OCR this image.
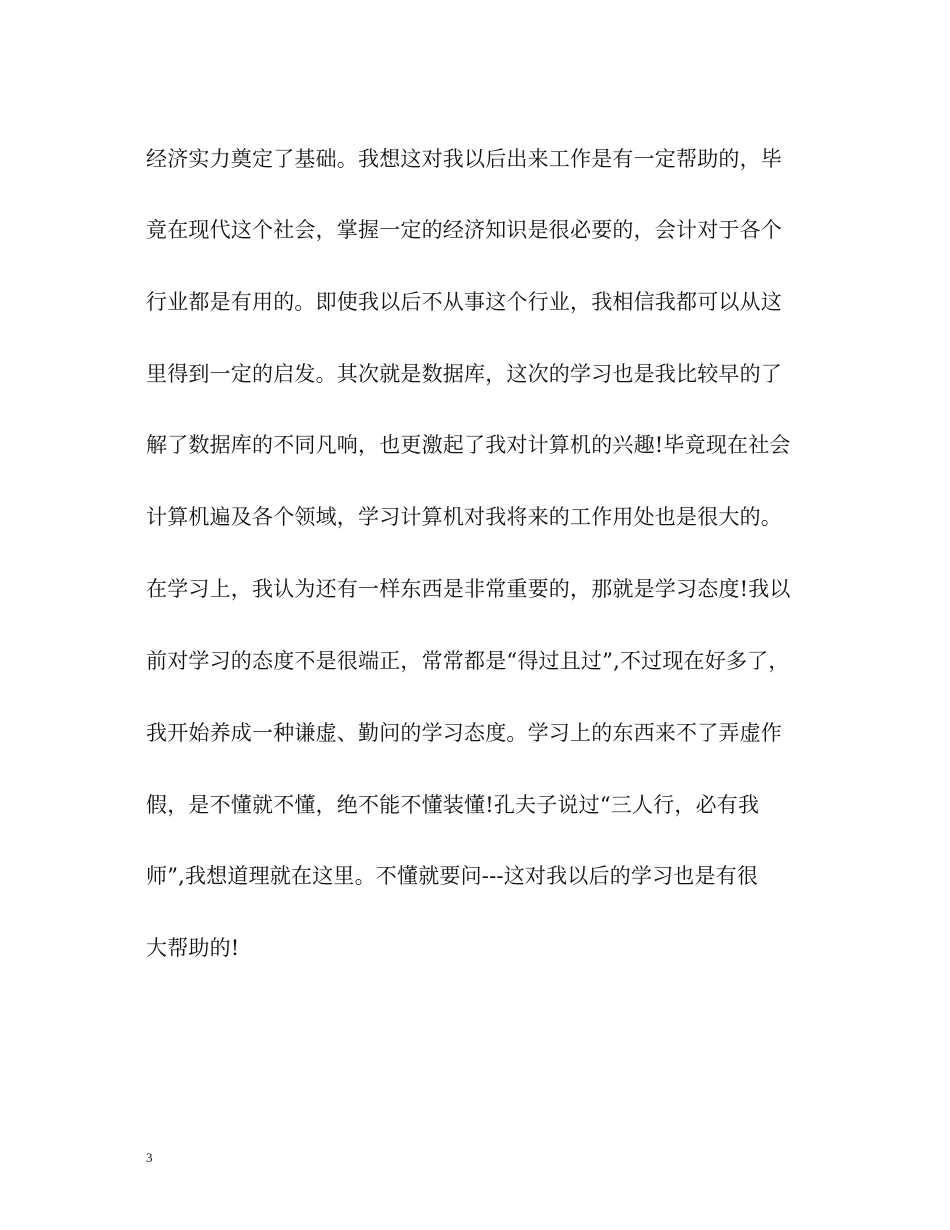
经济实力奠定了基础。我想这对我以后出来工作是有一定帮助的，毕
竟在现代这个社会，掌握一定的经济知识是很必要的，会计对于各个
行业都是有用的。即使我以后不从事这个行业，我相信我都可以从这
里得到一定的启发。其次就是数据库，这次的学习也是我比较早的了
解了数据库的不同凡响，也更激起了我对计算机的兴趣!毕竟现在社会
计算机遍及各个领域，学习计算机对我将来的工作用处也是很大的。
在学习上，我认为还有一样东西是非常重要的，那就是学习态度!我以
前对学习的态度不是很端正，常常都是“得过且过”,不过现在好多了，
我开始养成一种谦虚、勤问的学习态度。学习上的东西来不了弄虚作
假，是不懂就不懂，绝不能不懂装懂!孔夫子说过“三人行，必有我
师”,我想道理就在这里。不懂就要问---这对我以后的学习也是有很
大帮助的!
3
